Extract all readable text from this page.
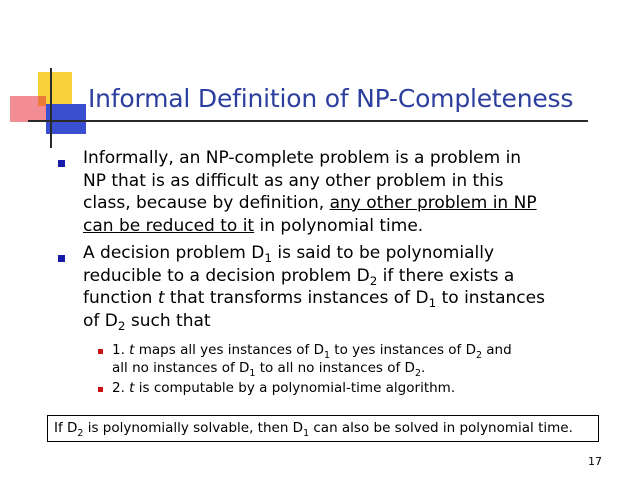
Informal Definition of NP-Completeness
Informally, an NP-complete problem is a problem in
NP that is as difficult as any other problem in this
class, because by definition, any other problem in NP
can be reduced to it in polynomial time.
A decision problem $D_1$ is said to be polynomially
reducible to a decision problem $D_2$ if there exists a
function t that transforms instances of $D_1$ to instances
of $D_2$ such that
1. t maps all yes instances of $D_1$ to yes instances of $D_2$ and
all no instances of $D_1$ to all no instances of $D_2$.
2. t is computable by a polynomial-time algorithm.
If $D_2$ is polynomially solvable, then $D_1$ can also be solved in polynomial time.
17
